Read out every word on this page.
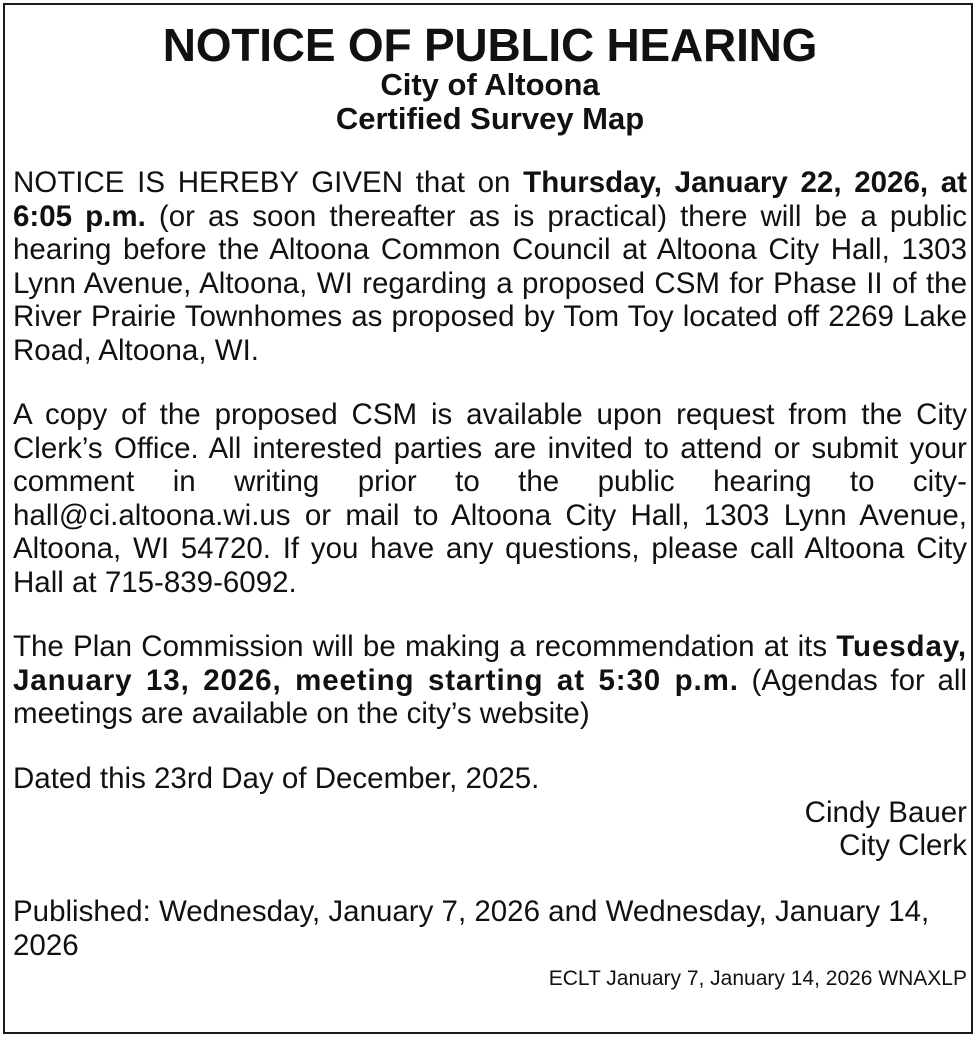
NOTICE OF PUBLIC HEARING
City of Altoona
Certified Survey Map
NOTICE IS HEREBY GIVEN that on Thursday, January 22, 2026, at 6:05 p.m. (or as soon thereafter as is practical) there will be a public hearing before the Altoona Common Council at Altoona City Hall, 1303 Lynn Avenue, Altoona, WI regarding a proposed CSM for Phase II of the River Prairie Townhomes as proposed by Tom Toy located off 2269 Lake Road, Altoona, WI.
A copy of the proposed CSM is available upon request from the City Clerk’s Office. All interested parties are invited to attend or submit your comment in writing prior to the public hearing to city-hall@ci.altoona.wi.us or mail to Altoona City Hall, 1303 Lynn Avenue, Altoona, WI 54720. If you have any questions, please call Altoona City Hall at 715-839-6092.
The Plan Commission will be making a recommendation at its Tuesday, January 13, 2026, meeting starting at 5:30 p.m. (Agendas for all meetings are available on the city’s website)
Dated this 23rd Day of December, 2025.
Cindy Bauer
City Clerk
Published: Wednesday, January 7, 2026 and Wednesday, January 14, 2026
ECLT January 7, January 14, 2026 WNAXLP
